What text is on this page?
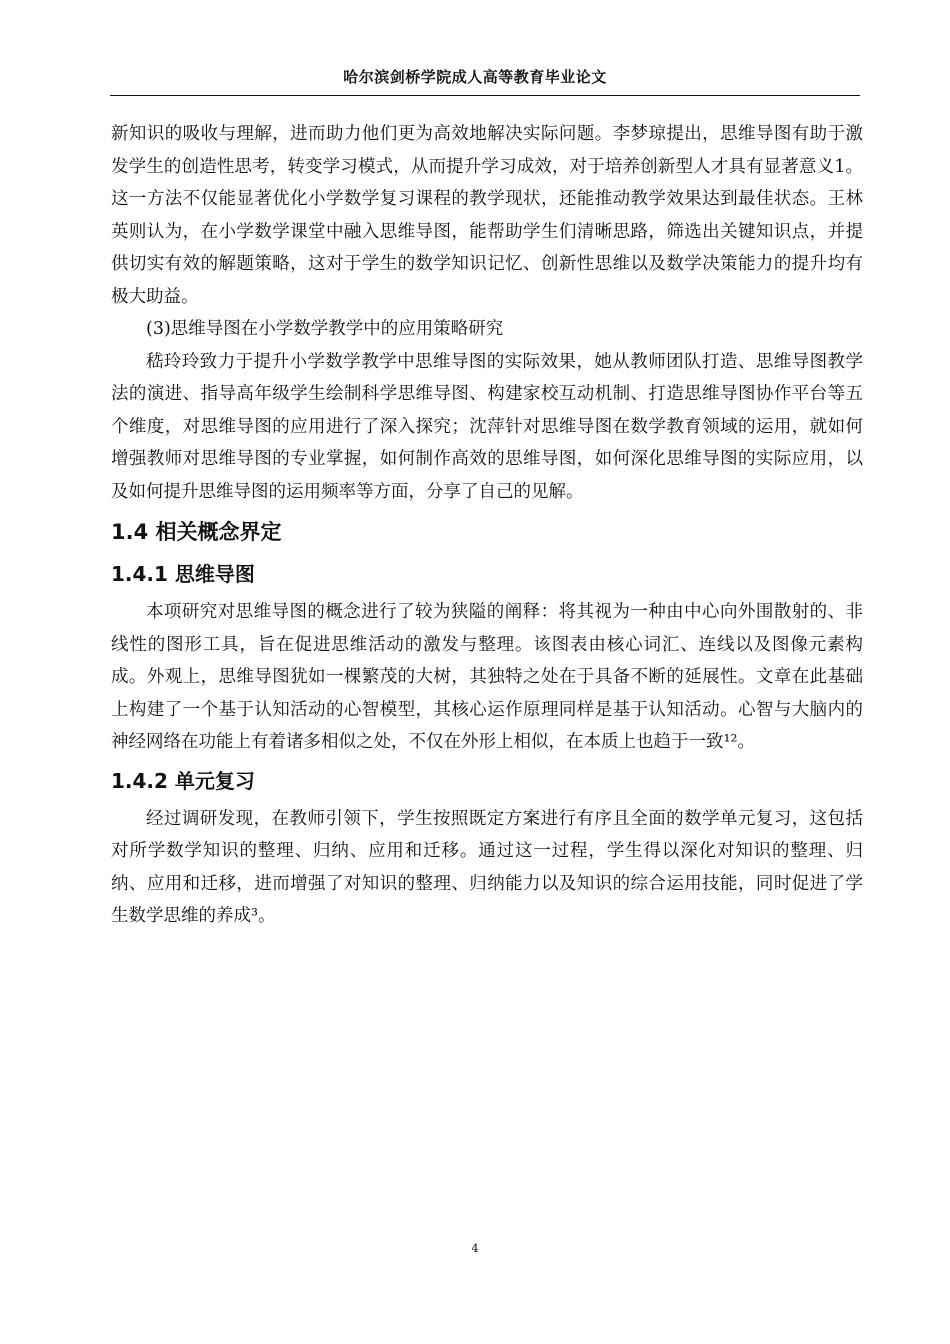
哈尔滨剑桥学院成人高等教育毕业论文

新知识的吸收与理解，进而助力他们更为高效地解决实际问题。李梦琼提出，思维导图有助于激发学生的创造性思考，转变学习模式，从而提升学习成效，对于培养创新型人才具有显著意义1。这一方法不仅能显著优化小学数学复习课程的教学现状，还能推动教学效果达到最佳状态。王林英则认为，在小学数学课堂中融入思维导图，能帮助学生们清晰思路，筛选出关键知识点，并提供切实有效的解题策略，这对于学生的数学知识记忆、创新性思维以及数学决策能力的提升均有极大助益。

(3)思维导图在小学数学教学中的应用策略研究

嵇玲玲致力于提升小学数学教学中思维导图的实际效果，她从教师团队打造、思维导图教学法的演进、指导高年级学生绘制科学思维导图、构建家校互动机制、打造思维导图协作平台等五个维度，对思维导图的应用进行了深入探究；沈萍针对思维导图在数学教育领域的运用，就如何增强教师对思维导图的专业掌握，如何制作高效的思维导图，如何深化思维导图的实际应用，以及如何提升思维导图的运用频率等方面，分享了自己的见解。

1.4 相关概念界定
1.4.1 思维导图

本项研究对思维导图的概念进行了较为狭隘的阐释：将其视为一种由中心向外围散射的、非线性的图形工具，旨在促进思维活动的激发与整理。该图表由核心词汇、连线以及图像元素构成。外观上，思维导图犹如一棵繁茂的大树，其独特之处在于具备不断的延展性。文章在此基础上构建了一个基于认知活动的心智模型，其核心运作原理同样是基于认知活动。心智与大脑内的神经网络在功能上有着诸多相似之处，不仅在外形上相似，在本质上也趋于一致¹²。

1.4.2 单元复习

经过调研发现，在教师引领下，学生按照既定方案进行有序且全面的数学单元复习，这包括对所学数学知识的整理、归纳、应用和迁移。通过这一过程，学生得以深化对知识的整理、归纳、应用和迁移，进而增强了对知识的整理、归纳能力以及知识的综合运用技能，同时促进了学生数学思维的养成³。

4
